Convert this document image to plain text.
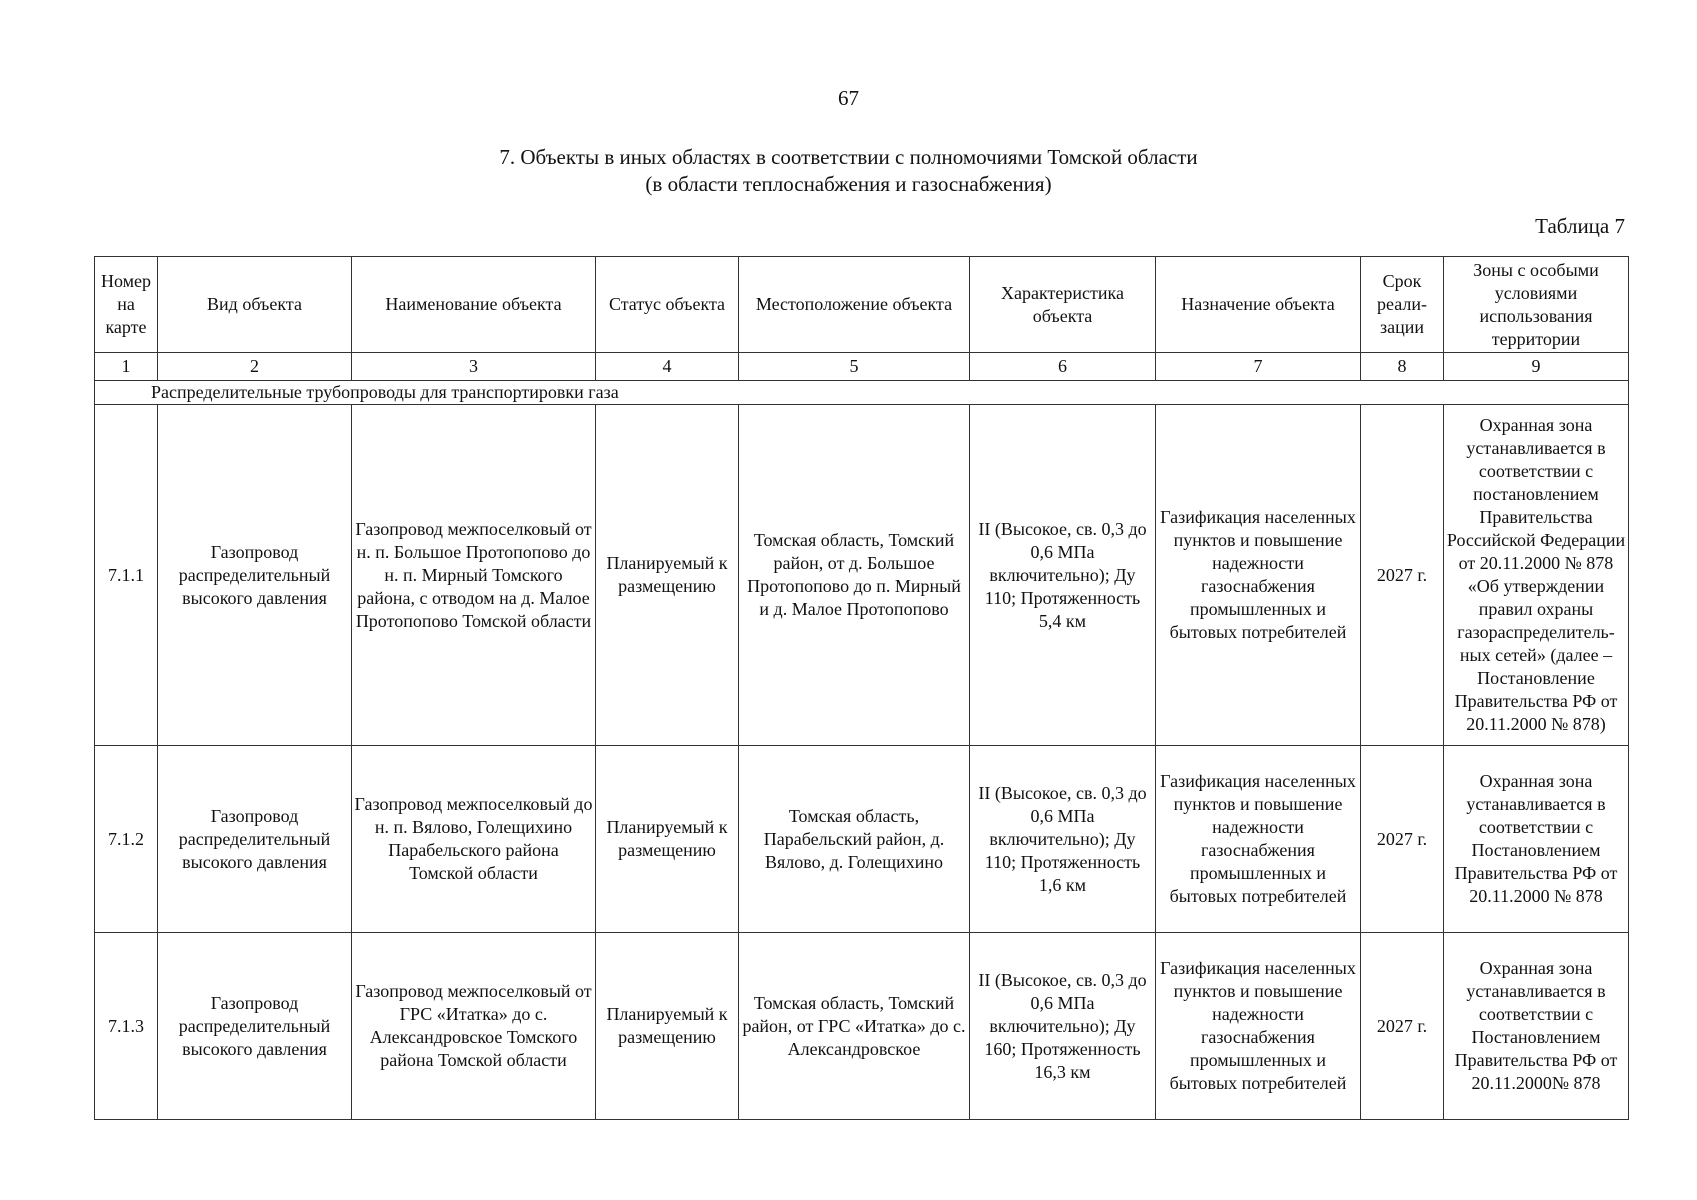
67
7. Объекты в иных областях в соответствии с полномочиями Томской области
(в области теплоснабжения и газоснабжения)
Таблица 7
Номер на карте	Вид объекта	Наименование объекта	Статус объекта	Местоположение объекта	Характеристика объекта	Назначение объекта	Срок реали-зации	Зоны с особыми условиями использования территории
1	2	3	4	5	6	7	8	9
Распределительные трубопроводы для транспортировки газа								
7.1.1	Газопровод распределительный высокого давления	Газопровод межпоселковый от н. п. Большое Протопопово до н. п. Мирный Томского района, с отводом на д. Малое Протопопово Томской области	Планируемый к размещению	Томская область, Томский район, от д. Большое Протопопово до п. Мирный и д. Малое Протопопово	II (Высокое, св. 0,3 до 0,6 МПа включительно); Ду 110; Протяженность 5,4 км	Газификация населенных пунктов и повышение надежности газоснабжения промышленных и бытовых потребителей	2027 г.	Охранная зона устанавливается в соответствии с постановлением Правительства Российской Федерации от 20.11.2000 № 878 «Об утверждении правил охраны газораспределитель-ных сетей» (далее – Постановление Правительства РФ от 20.11.2000 № 878)
7.1.2	Газопровод распределительный высокого давления	Газопровод межпоселковый до н. п. Вялово, Голещихино Парабельского района Томской области	Планируемый к размещению	Томская область, Парабельский район, д. Вялово, д. Голещихино	II (Высокое, св. 0,3 до 0,6 МПа включительно); Ду 110; Протяженность 1,6 км	Газификация населенных пунктов и повышение надежности газоснабжения промышленных и бытовых потребителей	2027 г.	Охранная зона устанавливается в соответствии с Постановлением Правительства РФ от 20.11.2000 № 878
7.1.3	Газопровод распределительный высокого давления	Газопровод межпоселковый от ГРС «Итатка» до с. Александровское Томского района Томской области	Планируемый к размещению	Томская область, Томский район, от ГРС «Итатка» до с. Александровское	II (Высокое, св. 0,3 до 0,6 МПа включительно); Ду 160; Протяженность 16,3 км	Газификация населенных пунктов и повышение надежности газоснабжения промышленных и бытовых потребителей	2027 г.	Охранная зона устанавливается в соответствии с Постановлением Правительства РФ от 20.11.2000№ 878
